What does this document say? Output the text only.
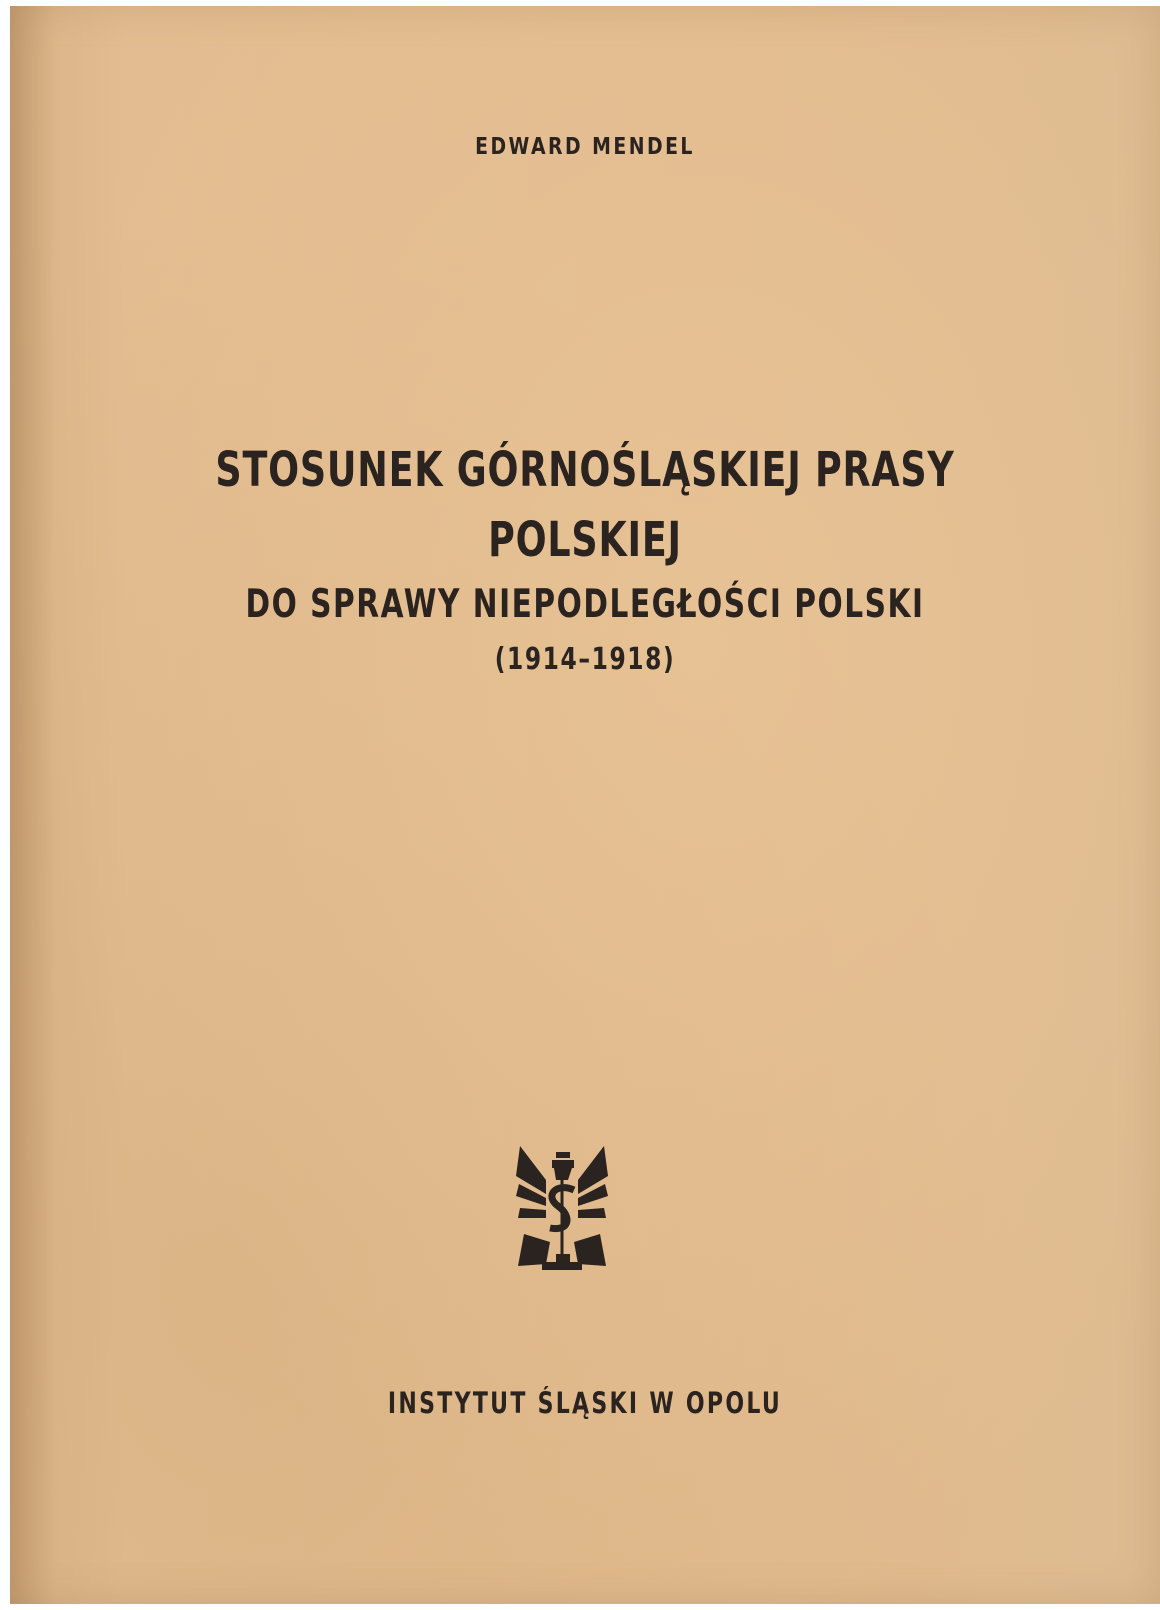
EDWARD MENDEL

STOSUNEK GÓRNOŚLĄSKIEJ PRASY

POLSKIEJ

DO SPRAWY NIEPODLEGŁOŚCI POLSKI

(1914–1918)

INSTYTUT ŚLĄSKI W OPOLU
